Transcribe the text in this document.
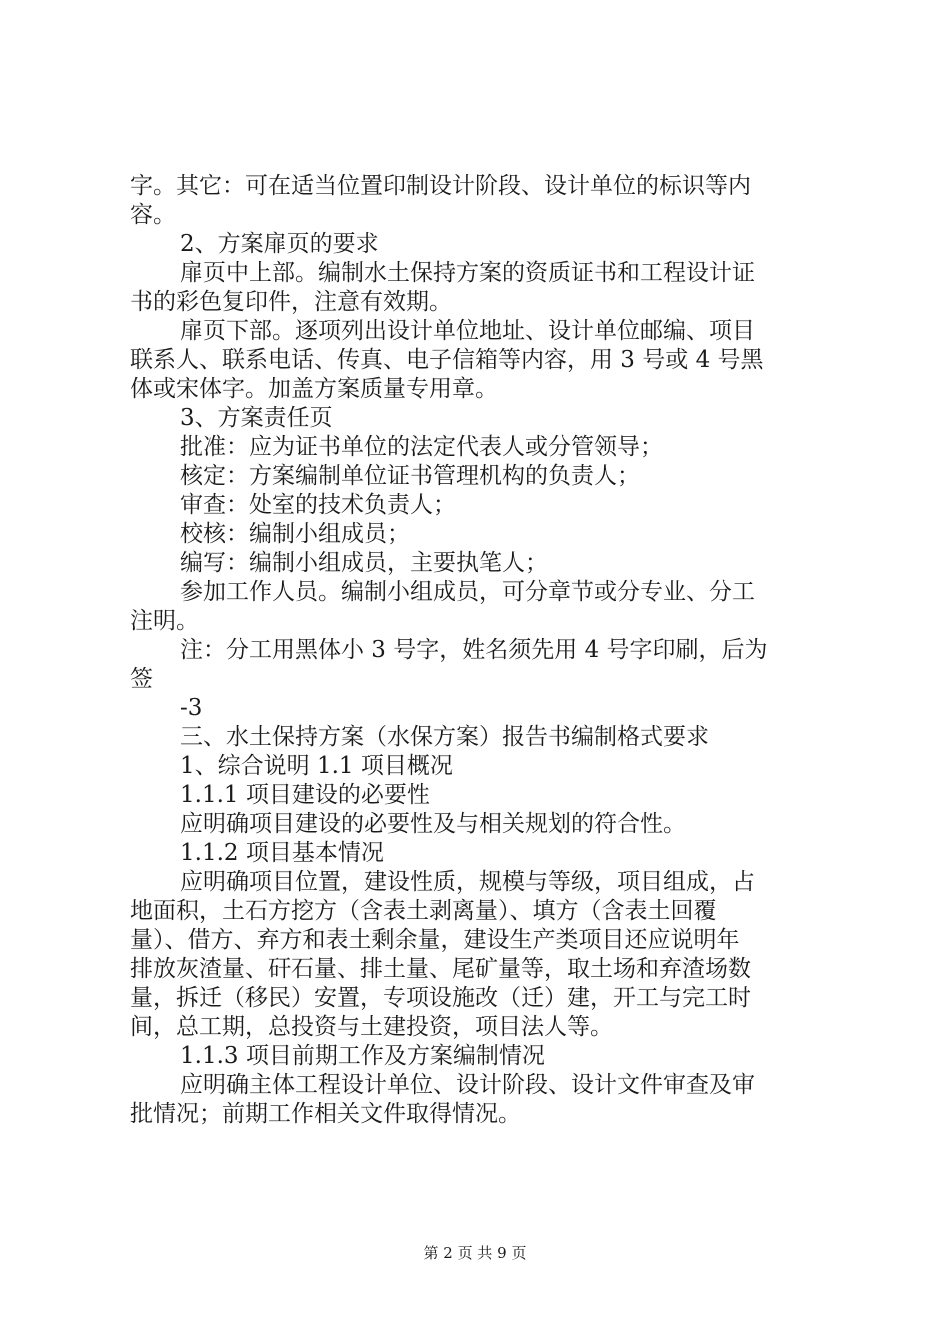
字。其它：可在适当位置印制设计阶段、设计单位的标识等内
容。
2、方案扉页的要求
扉页中上部。编制水土保持方案的资质证书和工程设计证
书的彩色复印件，注意有效期。
扉页下部。逐项列出设计单位地址、设计单位邮编、项目
联系人、联系电话、传真、电子信箱等内容，用 3 号或 4 号黑
体或宋体字。加盖方案质量专用章。
3、方案责任页
批准：应为证书单位的法定代表人或分管领导；
核定：方案编制单位证书管理机构的负责人；
审查：处室的技术负责人；
校核：编制小组成员；
编写：编制小组成员，主要执笔人；
参加工作人员。编制小组成员，可分章节或分专业、分工
注明。
注：分工用黑体小 3 号字，姓名须先用 4 号字印刷，后为
签
-3
三、水土保持方案（水保方案）报告书编制格式要求
1、综合说明 1.1 项目概况
1.1.1 项目建设的必要性
应明确项目建设的必要性及与相关规划的符合性。
1.1.2 项目基本情况
应明确项目位置，建设性质，规模与等级，项目组成，占
地面积，土石方挖方（含表土剥离量）、填方（含表土回覆
量）、借方、弃方和表土剩余量，建设生产类项目还应说明年
排放灰渣量、矸石量、排土量、尾矿量等，取土场和弃渣场数
量，拆迁（移民）安置，专项设施改（迁）建，开工与完工时
间，总工期，总投资与土建投资，项目法人等。
1.1.3 项目前期工作及方案编制情况
应明确主体工程设计单位、设计阶段、设计文件审查及审
批情况；前期工作相关文件取得情况。
第 2 页 共 9 页
